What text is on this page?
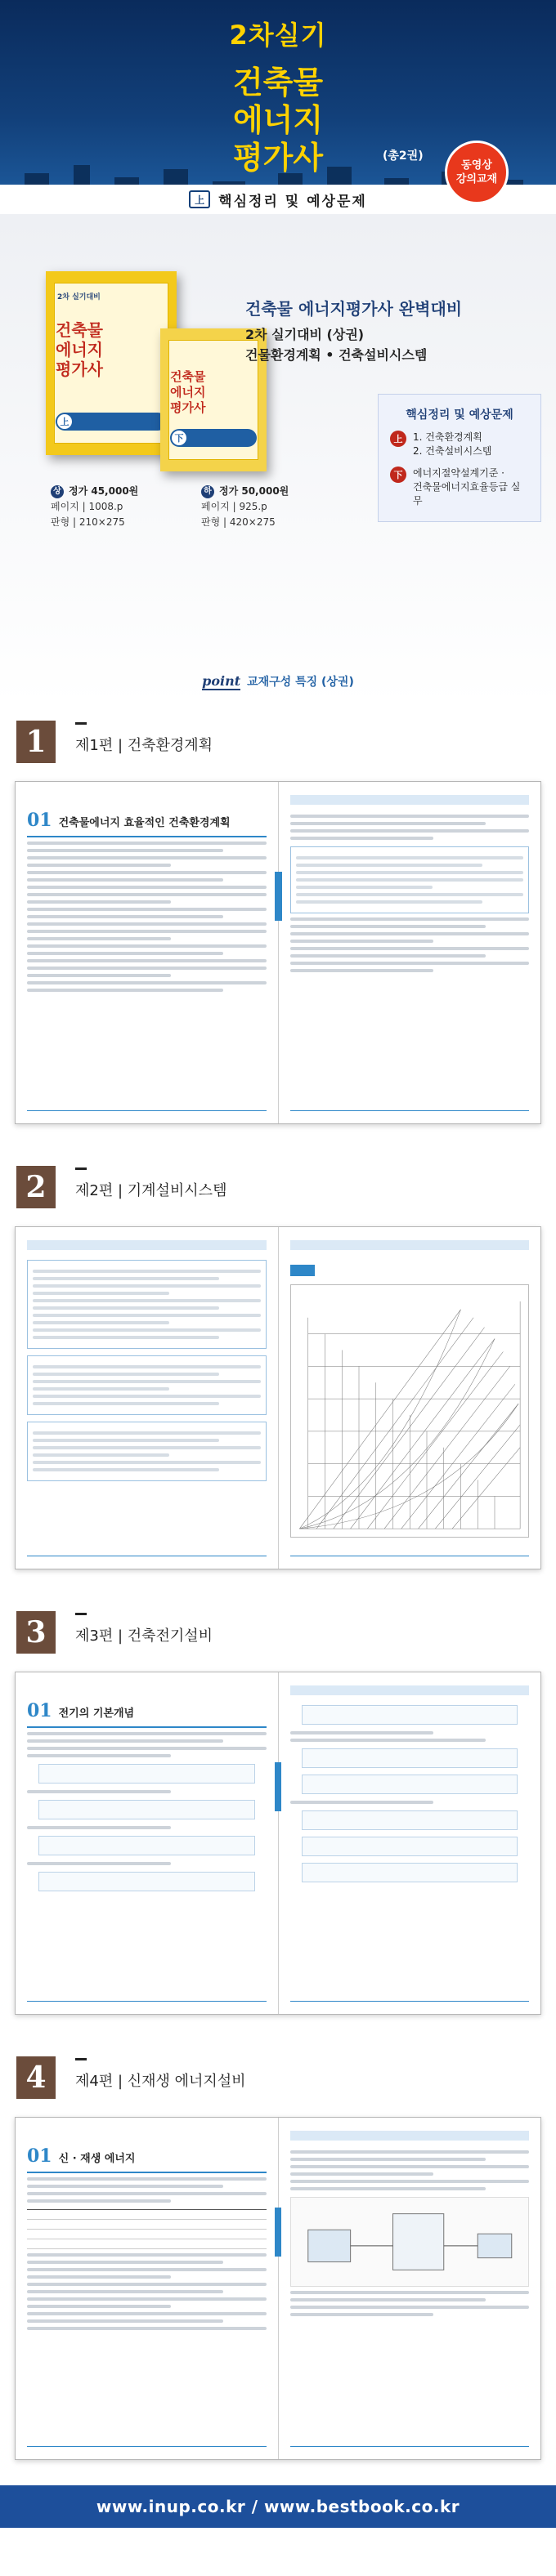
2차실기
건축물
에너지
평가사	(총2권)
上	핵심정리 및 예상문제
동영상
강의교재
2차 실기대비
건축물
에너지
평가사
上
건축물
에너지
평가사
下
건축물 에너지평가사 완벽대비
2차 실기대비 (상권)
건물환경계획 • 건축설비시스템
핵심정리 및 예상문제
上	1. 건축환경계획
2. 건축설비시스템
下	에너지절약설계기준 ·
건축물에너지효율등급 실무
상 정가 45,000원
페이지 | 1008.p
판형 | 210×275
하 정가 50,000원
페이지 | 925.p
판형 | 420×275
point 교재구성 특징 (상권)
1	제1편 | 건축환경계획
01 건축물에너지 효율적인 건축환경계획
2	제2편 | 기계설비시스템

3	제3편 | 건축전기설비
01 전기의 기본개념
4	제4편 | 신재생 에너지설비
01 신 · 재생 에너지
www.inup.co.kr / www.bestbook.co.kr
